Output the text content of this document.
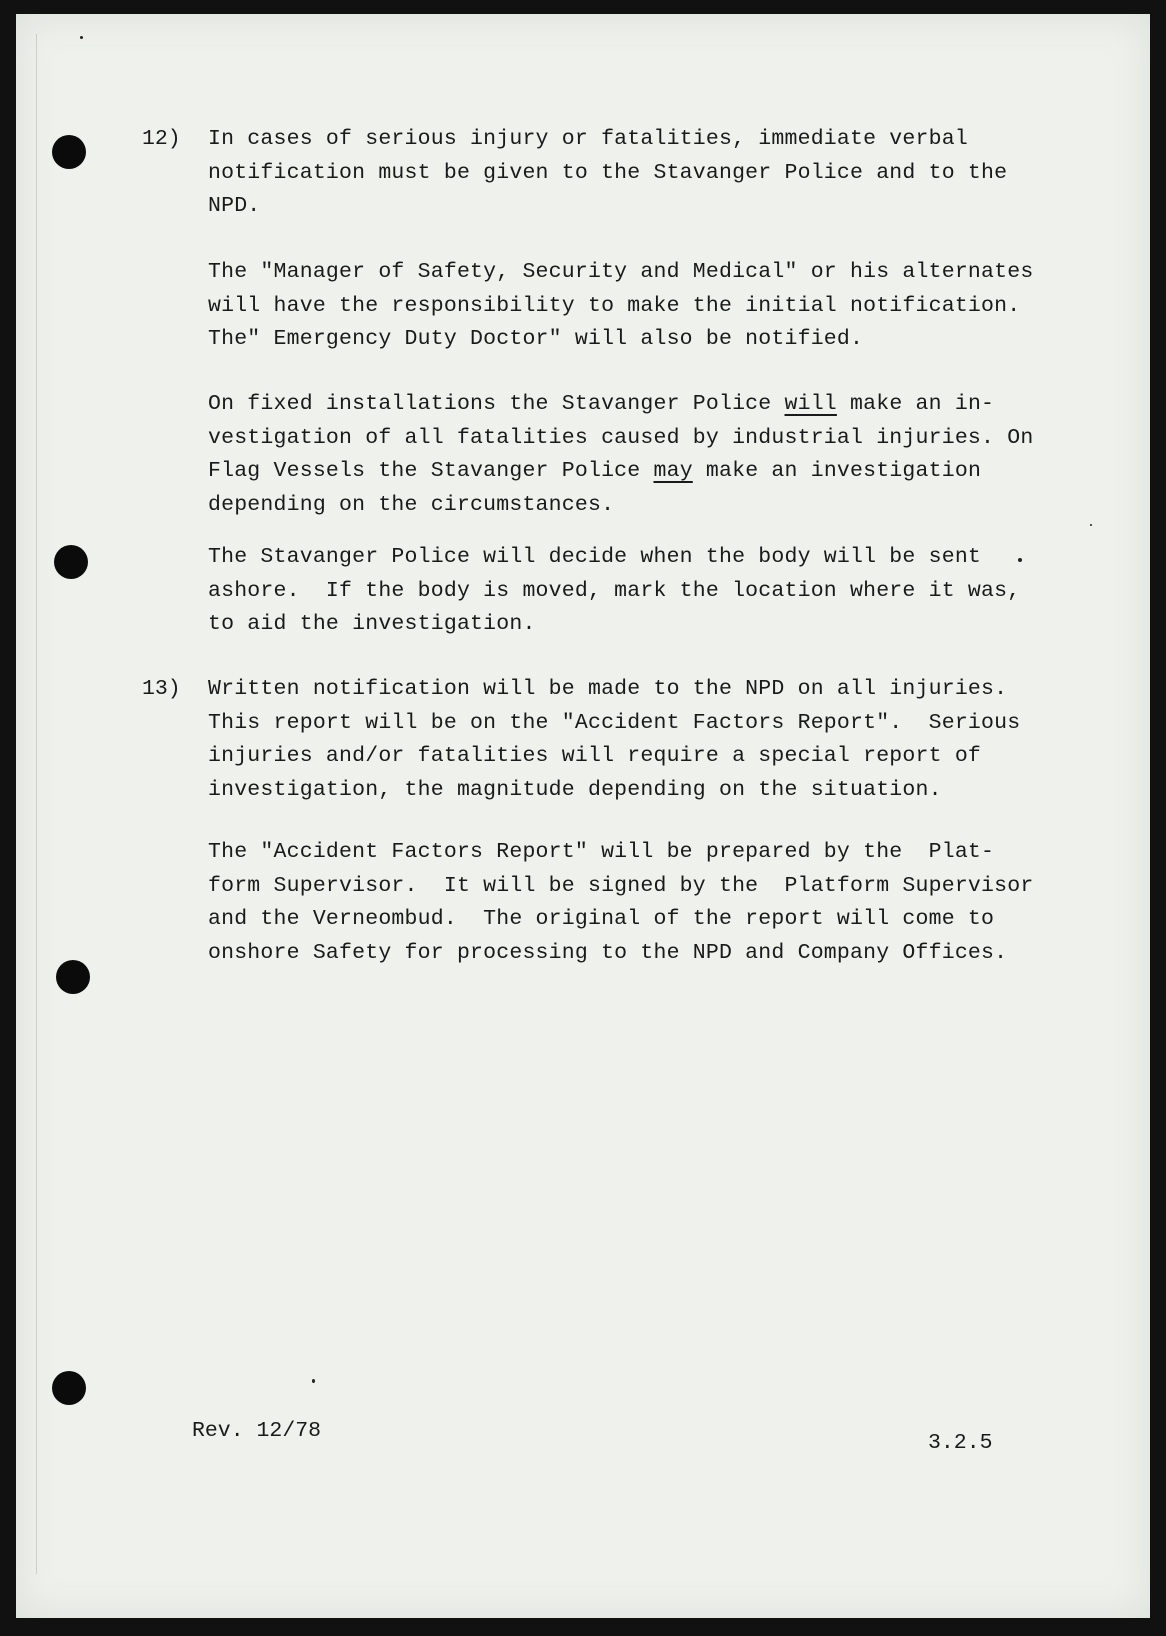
12) In cases of serious injury or fatalities, immediate verbal
notification must be given to the Stavanger Police and to the
NPD.
The "Manager of Safety, Security and Medical" or his alternates
will have the responsibility to make the initial notification.
The" Emergency Duty Doctor" will also be notified.
On fixed installations the Stavanger Police will make an in-
vestigation of all fatalities caused by industrial injuries. On
Flag Vessels the Stavanger Police may make an investigation
depending on the circumstances.
The Stavanger Police will decide when the body will be sent
ashore.  If the body is moved, mark the location where it was,
to aid the investigation.
13) Written notification will be made to the NPD on all injuries.
This report will be on the "Accident Factors Report".  Serious
injuries and/or fatalities will require a special report of
investigation, the magnitude depending on the situation.
The "Accident Factors Report" will be prepared by the  Plat-
form Supervisor.  It will be signed by the  Platform Supervisor
and the Verneombud.  The original of the report will come to
onshore Safety for processing to the NPD and Company Offices.
Rev. 12/78	3.2.5
